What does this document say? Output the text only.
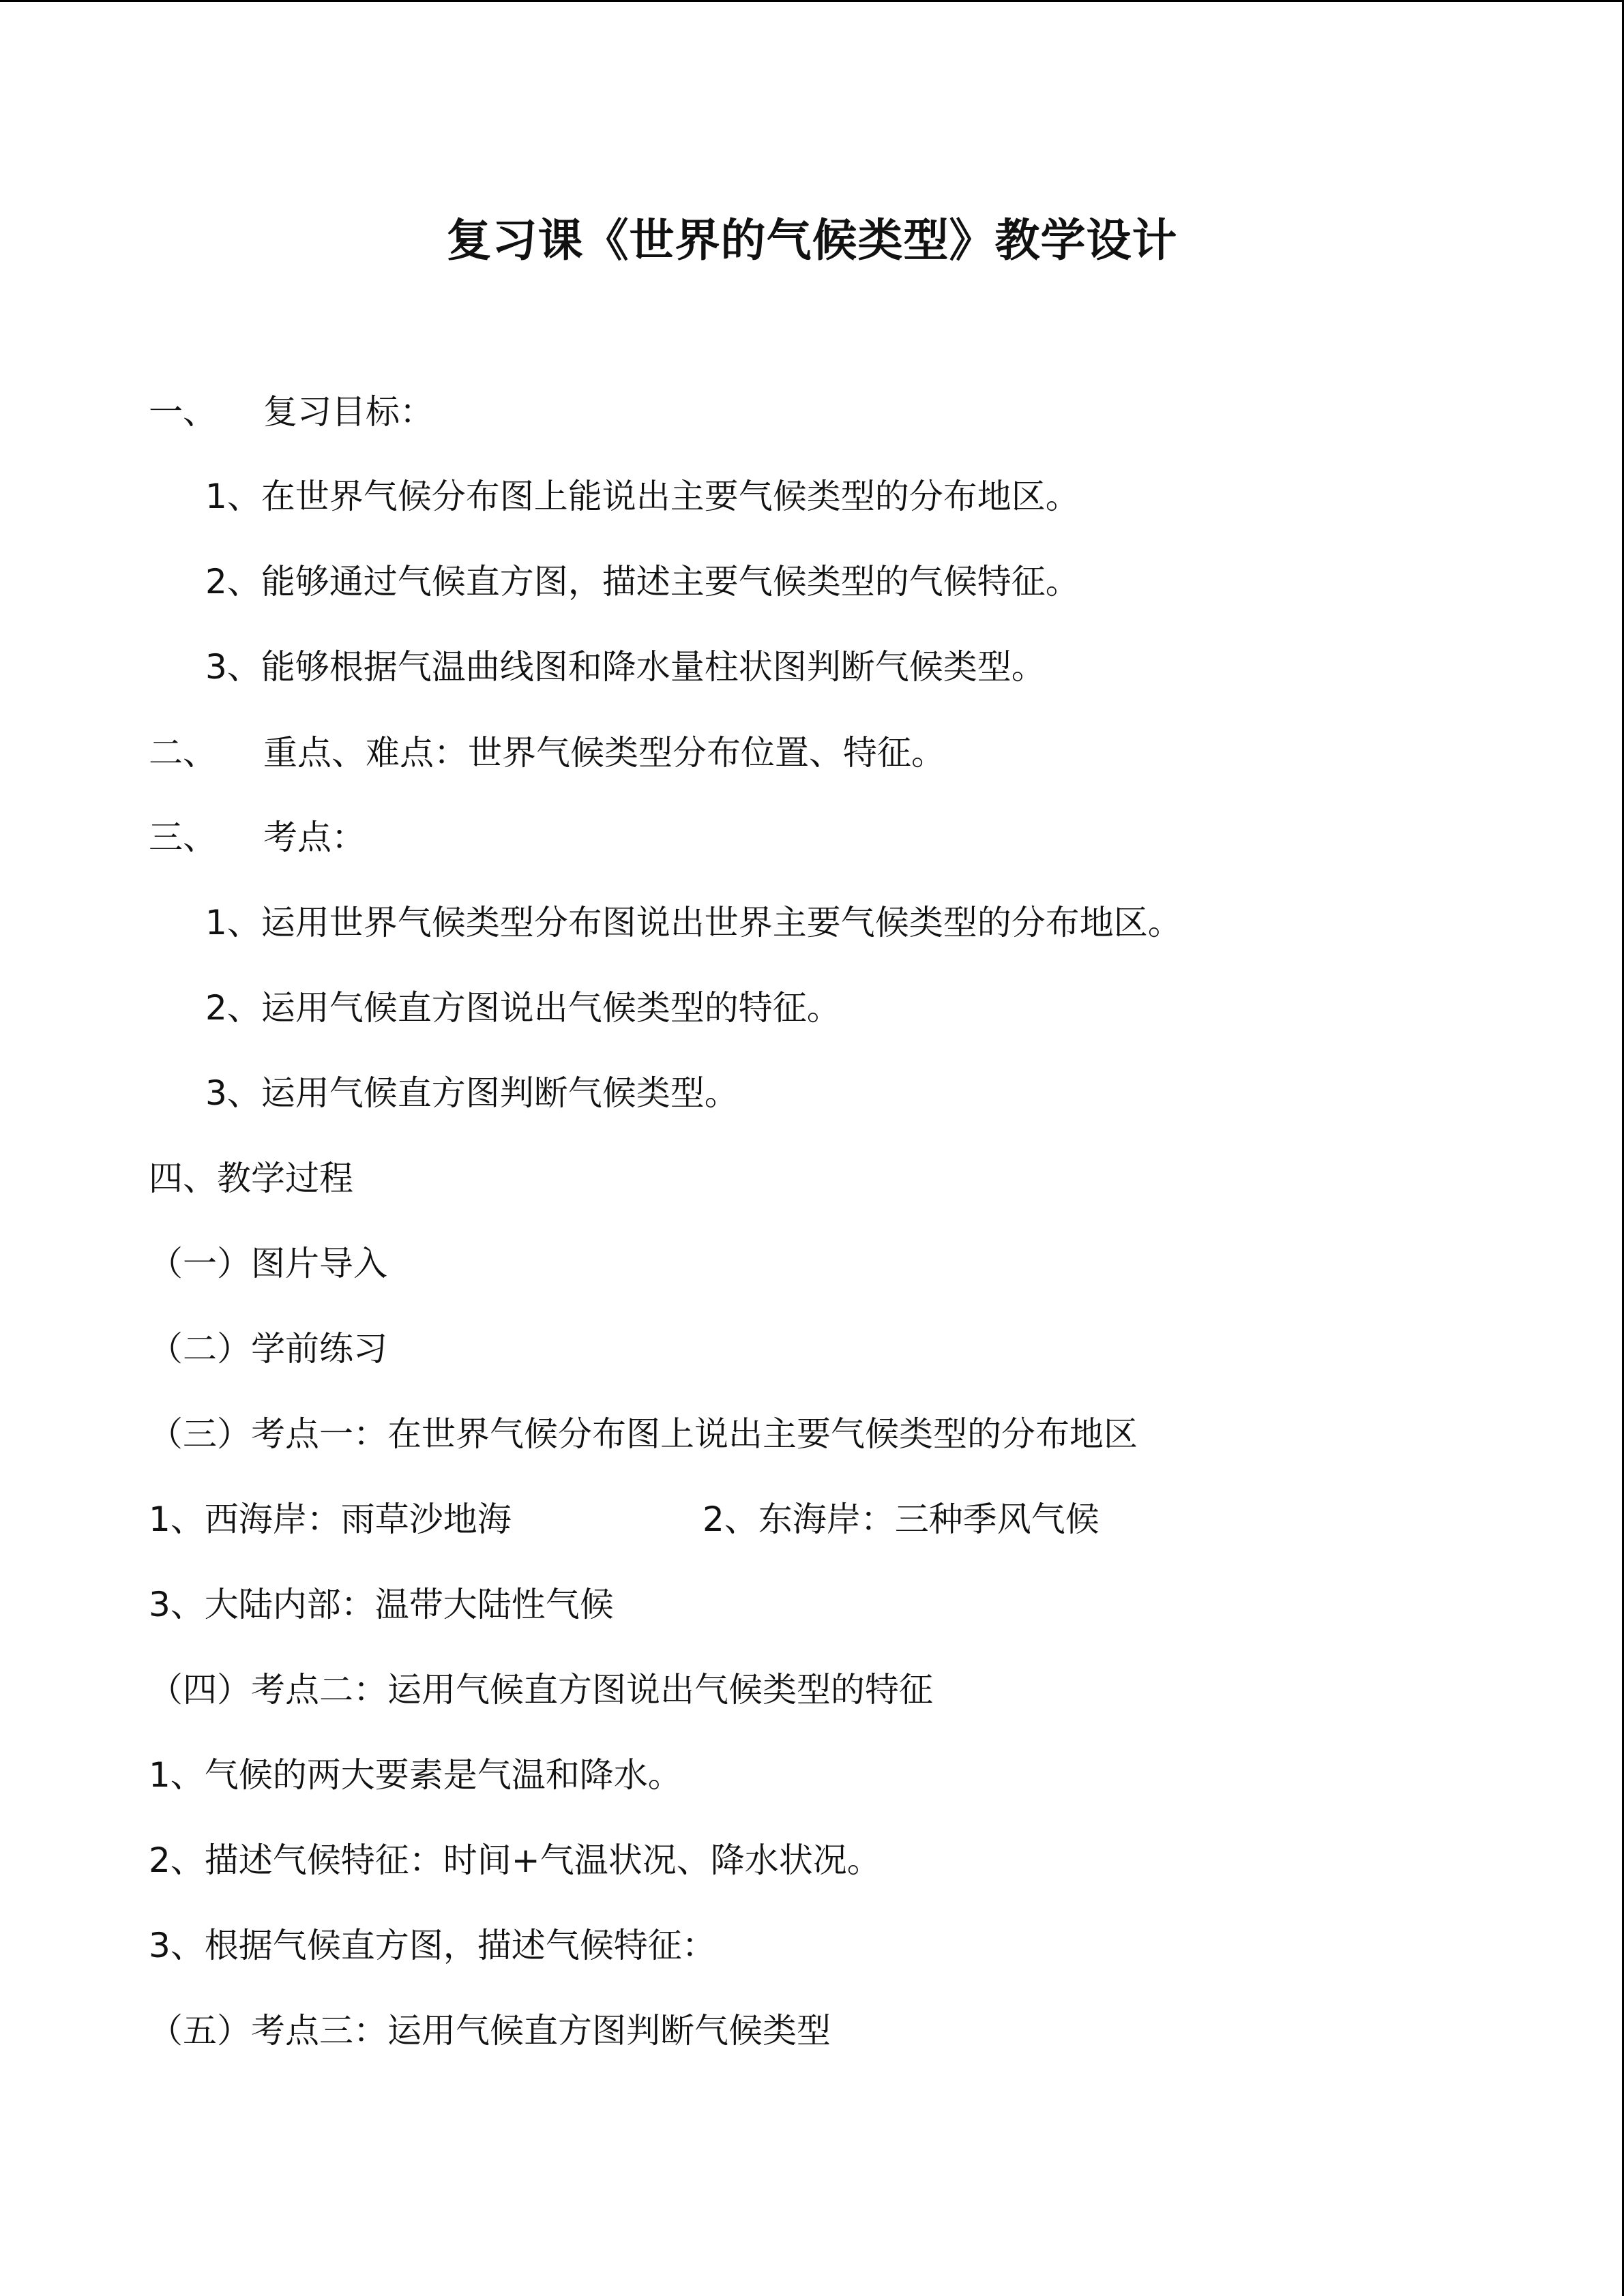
复习课《世界的气候类型》教学设计
一、 复习目标：
1、在世界气候分布图上能说出主要气候类型的分布地区。
2、能够通过气候直方图，描述主要气候类型的气候特征。
3、能够根据气温曲线图和降水量柱状图判断气候类型。
二、 重点、难点：世界气候类型分布位置、特征。
三、 考点：
1、运用世界气候类型分布图说出世界主要气候类型的分布地区。
2、运用气候直方图说出气候类型的特征。
3、运用气候直方图判断气候类型。
四、教学过程
（一）图片导入
（二）学前练习
（三）考点一：在世界气候分布图上说出主要气候类型的分布地区
1、西海岸：雨草沙地海	2、东海岸：三种季风气候
3、大陆内部：温带大陆性气候
（四）考点二：运用气候直方图说出气候类型的特征
1、气候的两大要素是气温和降水。
2、描述气候特征：时间+气温状况、降水状况。
3、根据气候直方图，描述气候特征：
（五）考点三：运用气候直方图判断气候类型
